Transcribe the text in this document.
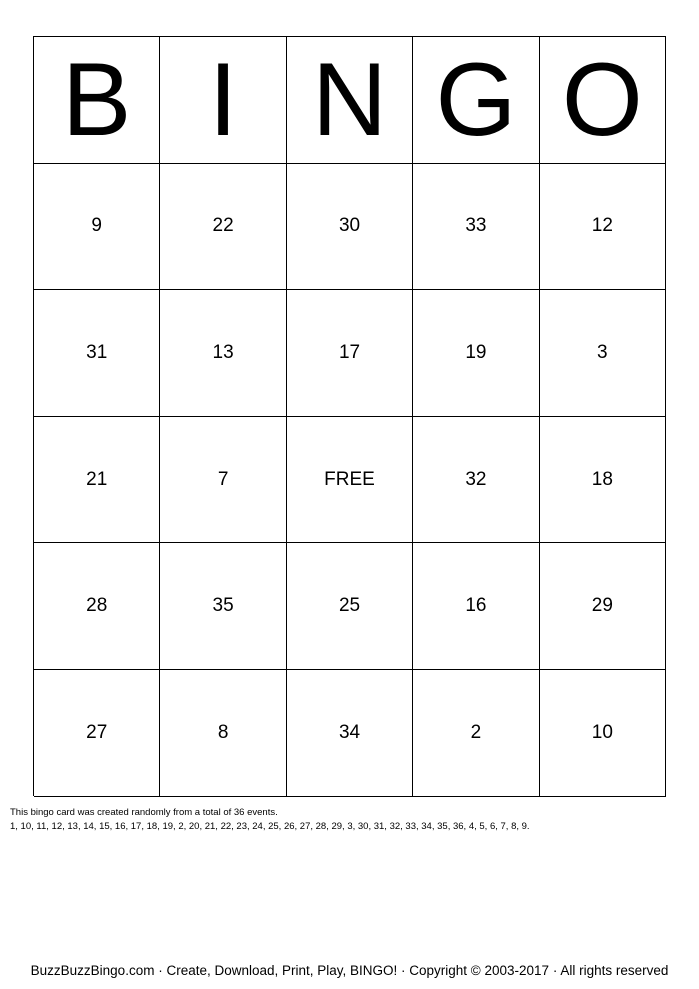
B I N G O
9	22	30	33	12
31	13	17	19	3
21	7	FREE	32	18
28	35	25	16	29
27	8	34	2	10
This bingo card was created randomly from a total of 36 events.
1, 10, 11, 12, 13, 14, 15, 16, 17, 18, 19, 2, 20, 21, 22, 23, 24, 25, 26, 27, 28, 29, 3, 30, 31, 32, 33, 34, 35, 36, 4, 5, 6, 7, 8, 9.
BuzzBuzzBingo.com · Create, Download, Print, Play, BINGO! · Copyright © 2003-2017 · All rights reserved
